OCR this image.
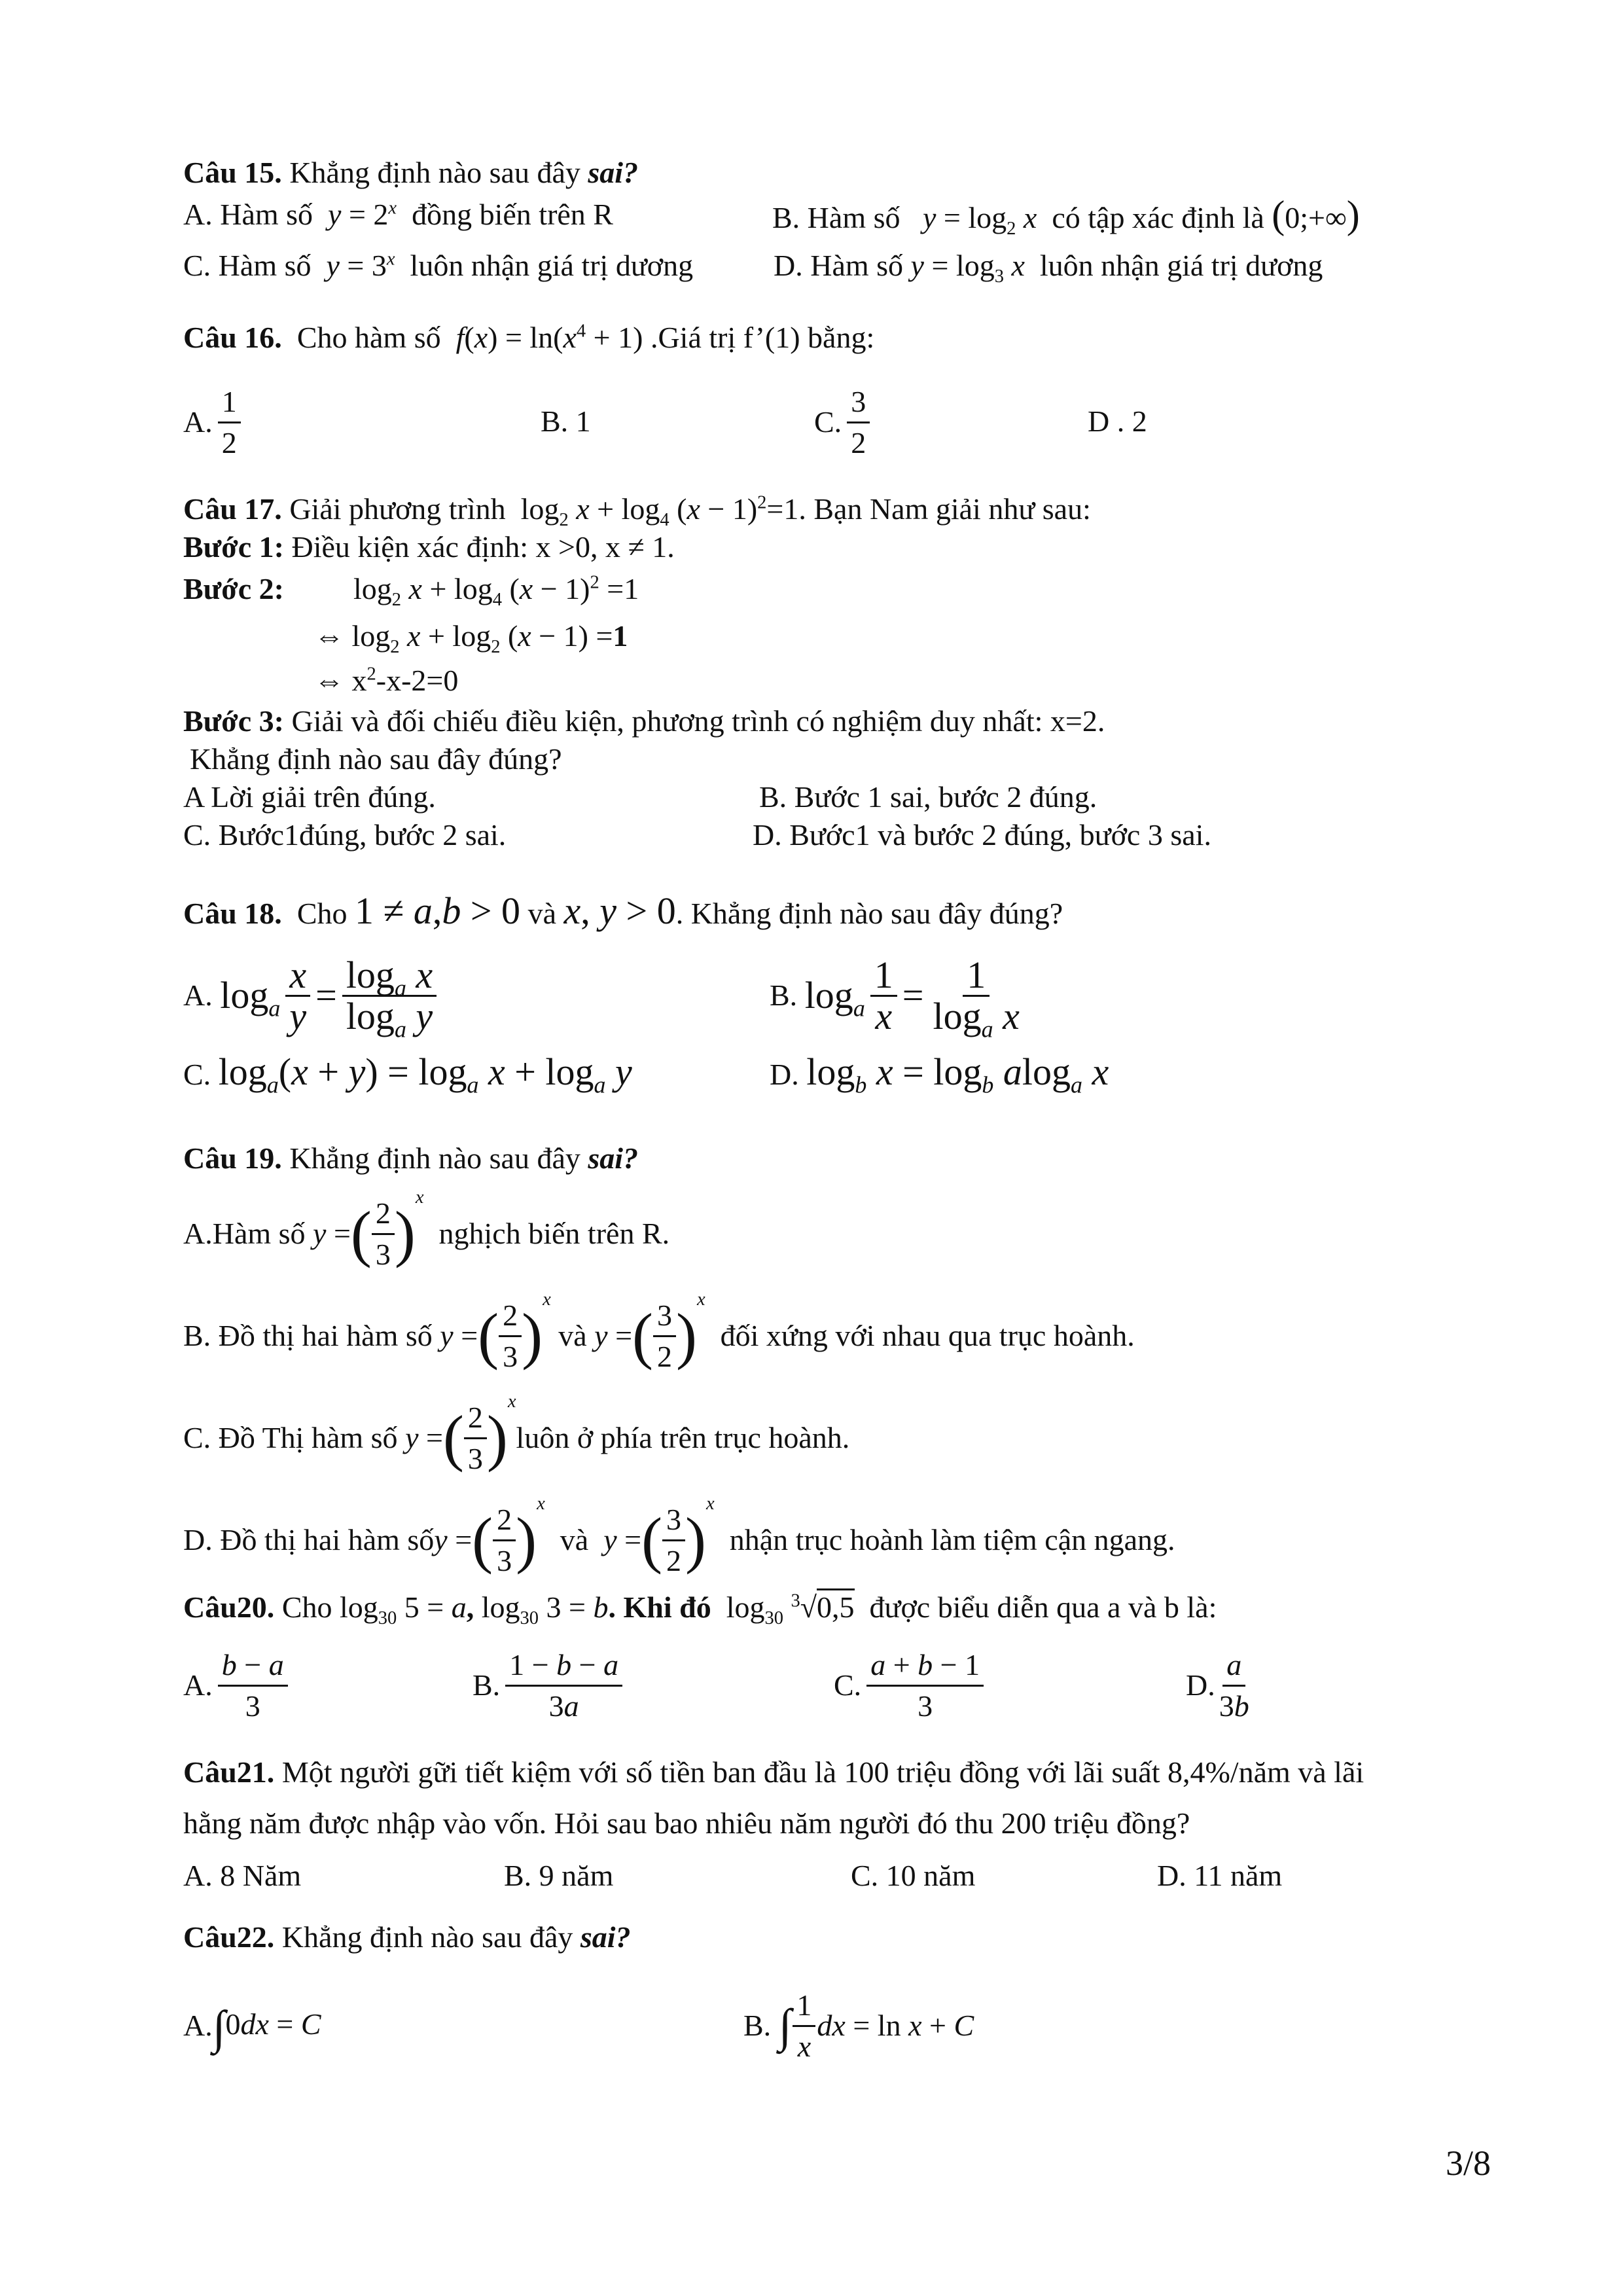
Câu 15. Khẳng định nào sau đây sai?
A. Hàm số $y = 2^x$ đồng biến trên R	B. Hàm số $y = \log_2 x$ có tập xác định là (0;+∞)
C. Hàm số $y = 3^x$ luôn nhận giá trị dương	D. Hàm số $y = \log_3 x$ luôn nhận giá trị dương
Câu 16. Cho hàm số $f(x) = \ln(x^4 + 1)$ .Giá trị f’(1) bằng:
A. $\frac{1}{2}$	B. 1	C. $\frac{3}{2}$	D . 2
Câu 17. Giải phương trình $\log_2 x + \log_4 (x - 1)^2=1$. Bạn Nam giải như sau:
Bước 1: Điều kiện xác định: x >0, x ≠ 1.
Bước 2: $\log_2 x + \log_4 (x - 1)^2 =1$
⇔ $\log_2 x + \log_2 (x - 1) =1$
⇔ $x^2-x-2=0$
Bước 3: Giải và đối chiếu điều kiện, phương trình có nghiệm duy nhất: x=2.
Khẳng định nào sau đây đúng?
A Lời giải trên đúng.	B. Bước 1 sai, bước 2 đúng.
C. Bước1đúng, bước 2 sai.	D. Bước1 và bước 2 đúng, bước 3 sai.
Câu 18. Cho 1 ≠ a,b > 0 và x, y > 0. Khẳng định nào sau đây đúng?
A.
$\log_a \frac{x}{y} = \frac{\log_a x}{\log_a y}$	B.
$\log_a \frac{1}{x} = \frac{1}{\log_a x}$
C. $\log_a(x + y) = \log_a x + \log_a y$	D. $\log_b x = \log_b alog_a$ x
Câu 19. Khẳng định nào sau đây sai?
A.Hàm số
y = ( $\frac{2}{3}$ )
x

nghịch biến trên R.
B. Đồ thị hai hàm số
y = ( $\frac{2}{3}$ )
x

và
y = ( $\frac{3}{2}$ )
x

đối xứng với nhau qua trục hoành.
C. Đồ Thị hàm số
y = ( $\frac{2}{3}$ )
x
luôn ở phía trên trục hoành.
D. Đồ thị hai hàm số y = ( $\frac{2}{3}$ )
x

và
y = ( $\frac{3}{2}$ )
x

nhận trục hoành làm tiệm cận ngang.
Câu20. Cho $\log_{30} 5 = a$, $\log_{30} 3 = b$. Khi đó $\log_{30} ^3√0,5$ được biểu diễn qua a và b là:
A. $\frac{b - a}{3}$	B. $\frac{1 - b - a}{3a}$	C. $\frac{a + b - 1}{3}$	D. $\frac{a}{3b}$
Câu21. Một người gữi tiết kiệm với số tiền ban đầu là 100 triệu đồng với lãi suất 8,4%/năm và lãi
hằng năm được nhập vào vốn. Hỏi sau bao nhiêu năm người đó thu 200 triệu đồng?
A. 8 Năm	B. 9 năm	C. 10 năm	D. 11 năm
Câu22. Khẳng định nào sau đây sai?
A. ∫0dx = C	B.
∫ $\frac{1}{x}$ dx = ln x + C
3/8
